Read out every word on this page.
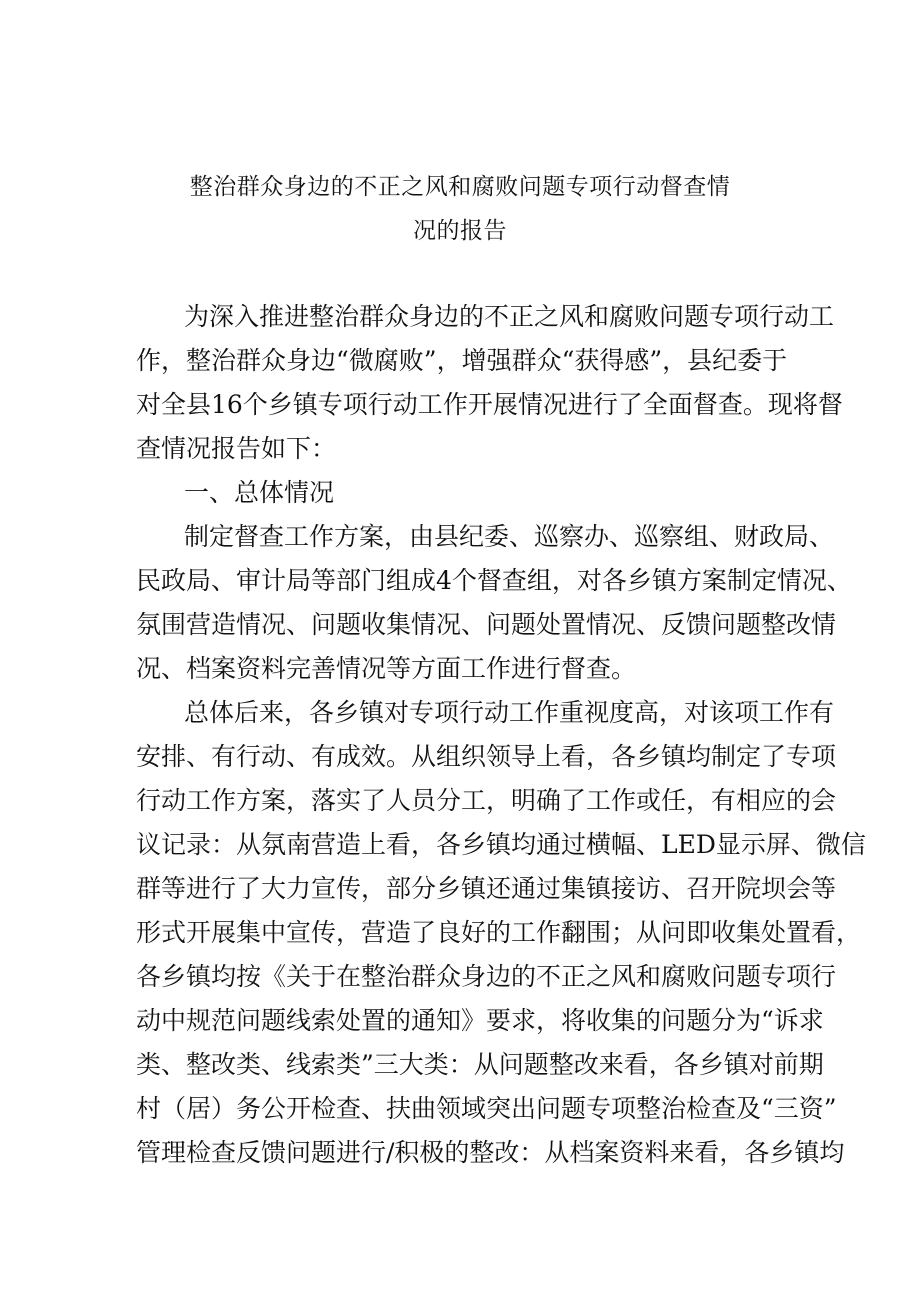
整治群众身边的不正之风和腐败问题专项行动督查情
况的报告
为深入推进整治群众身边的不正之风和腐败问题专项行动工
作，整治群众身边“微腐败”，增强群众“获得感”，县纪委于
对全县16个乡镇专项行动工作开展情况进行了全面督查。现将督
查情况报告如下：
一、总体情况
制定督查工作方案，由县纪委、巡察办、巡察组、财政局、
民政局、审计局等部门组成4个督查组，对各乡镇方案制定情况、
氛围营造情况、问题收集情况、问题处置情况、反馈问题整改情
况、档案资料完善情况等方面工作进行督查。
总体后来，各乡镇对专项行动工作重视度高，对该项工作有
安排、有行动、有成效。从组织领导上看，各乡镇均制定了专项
行动工作方案，落实了人员分工，明确了工作或任，有相应的会
议记录：从氛南营造上看，各乡镇均通过横幅、LED显示屏、微信
群等进行了大力宣传，部分乡镇还通过集镇接访、召开院坝会等
形式开展集中宣传，营造了良好的工作翻围；从问即收集处置看，
各乡镇均按《关于在整治群众身边的不正之风和腐败问题专项行
动中规范问题线索处置的通知》要求，将收集的问题分为“诉求
类、整改类、线索类”三大类：从问题整改来看，各乡镇对前期
村（居）务公开检查、扶曲领域突出问题专项整治检查及“三资”
管理检查反馈问题进行/积极的整改：从档案资料来看，各乡镇均
